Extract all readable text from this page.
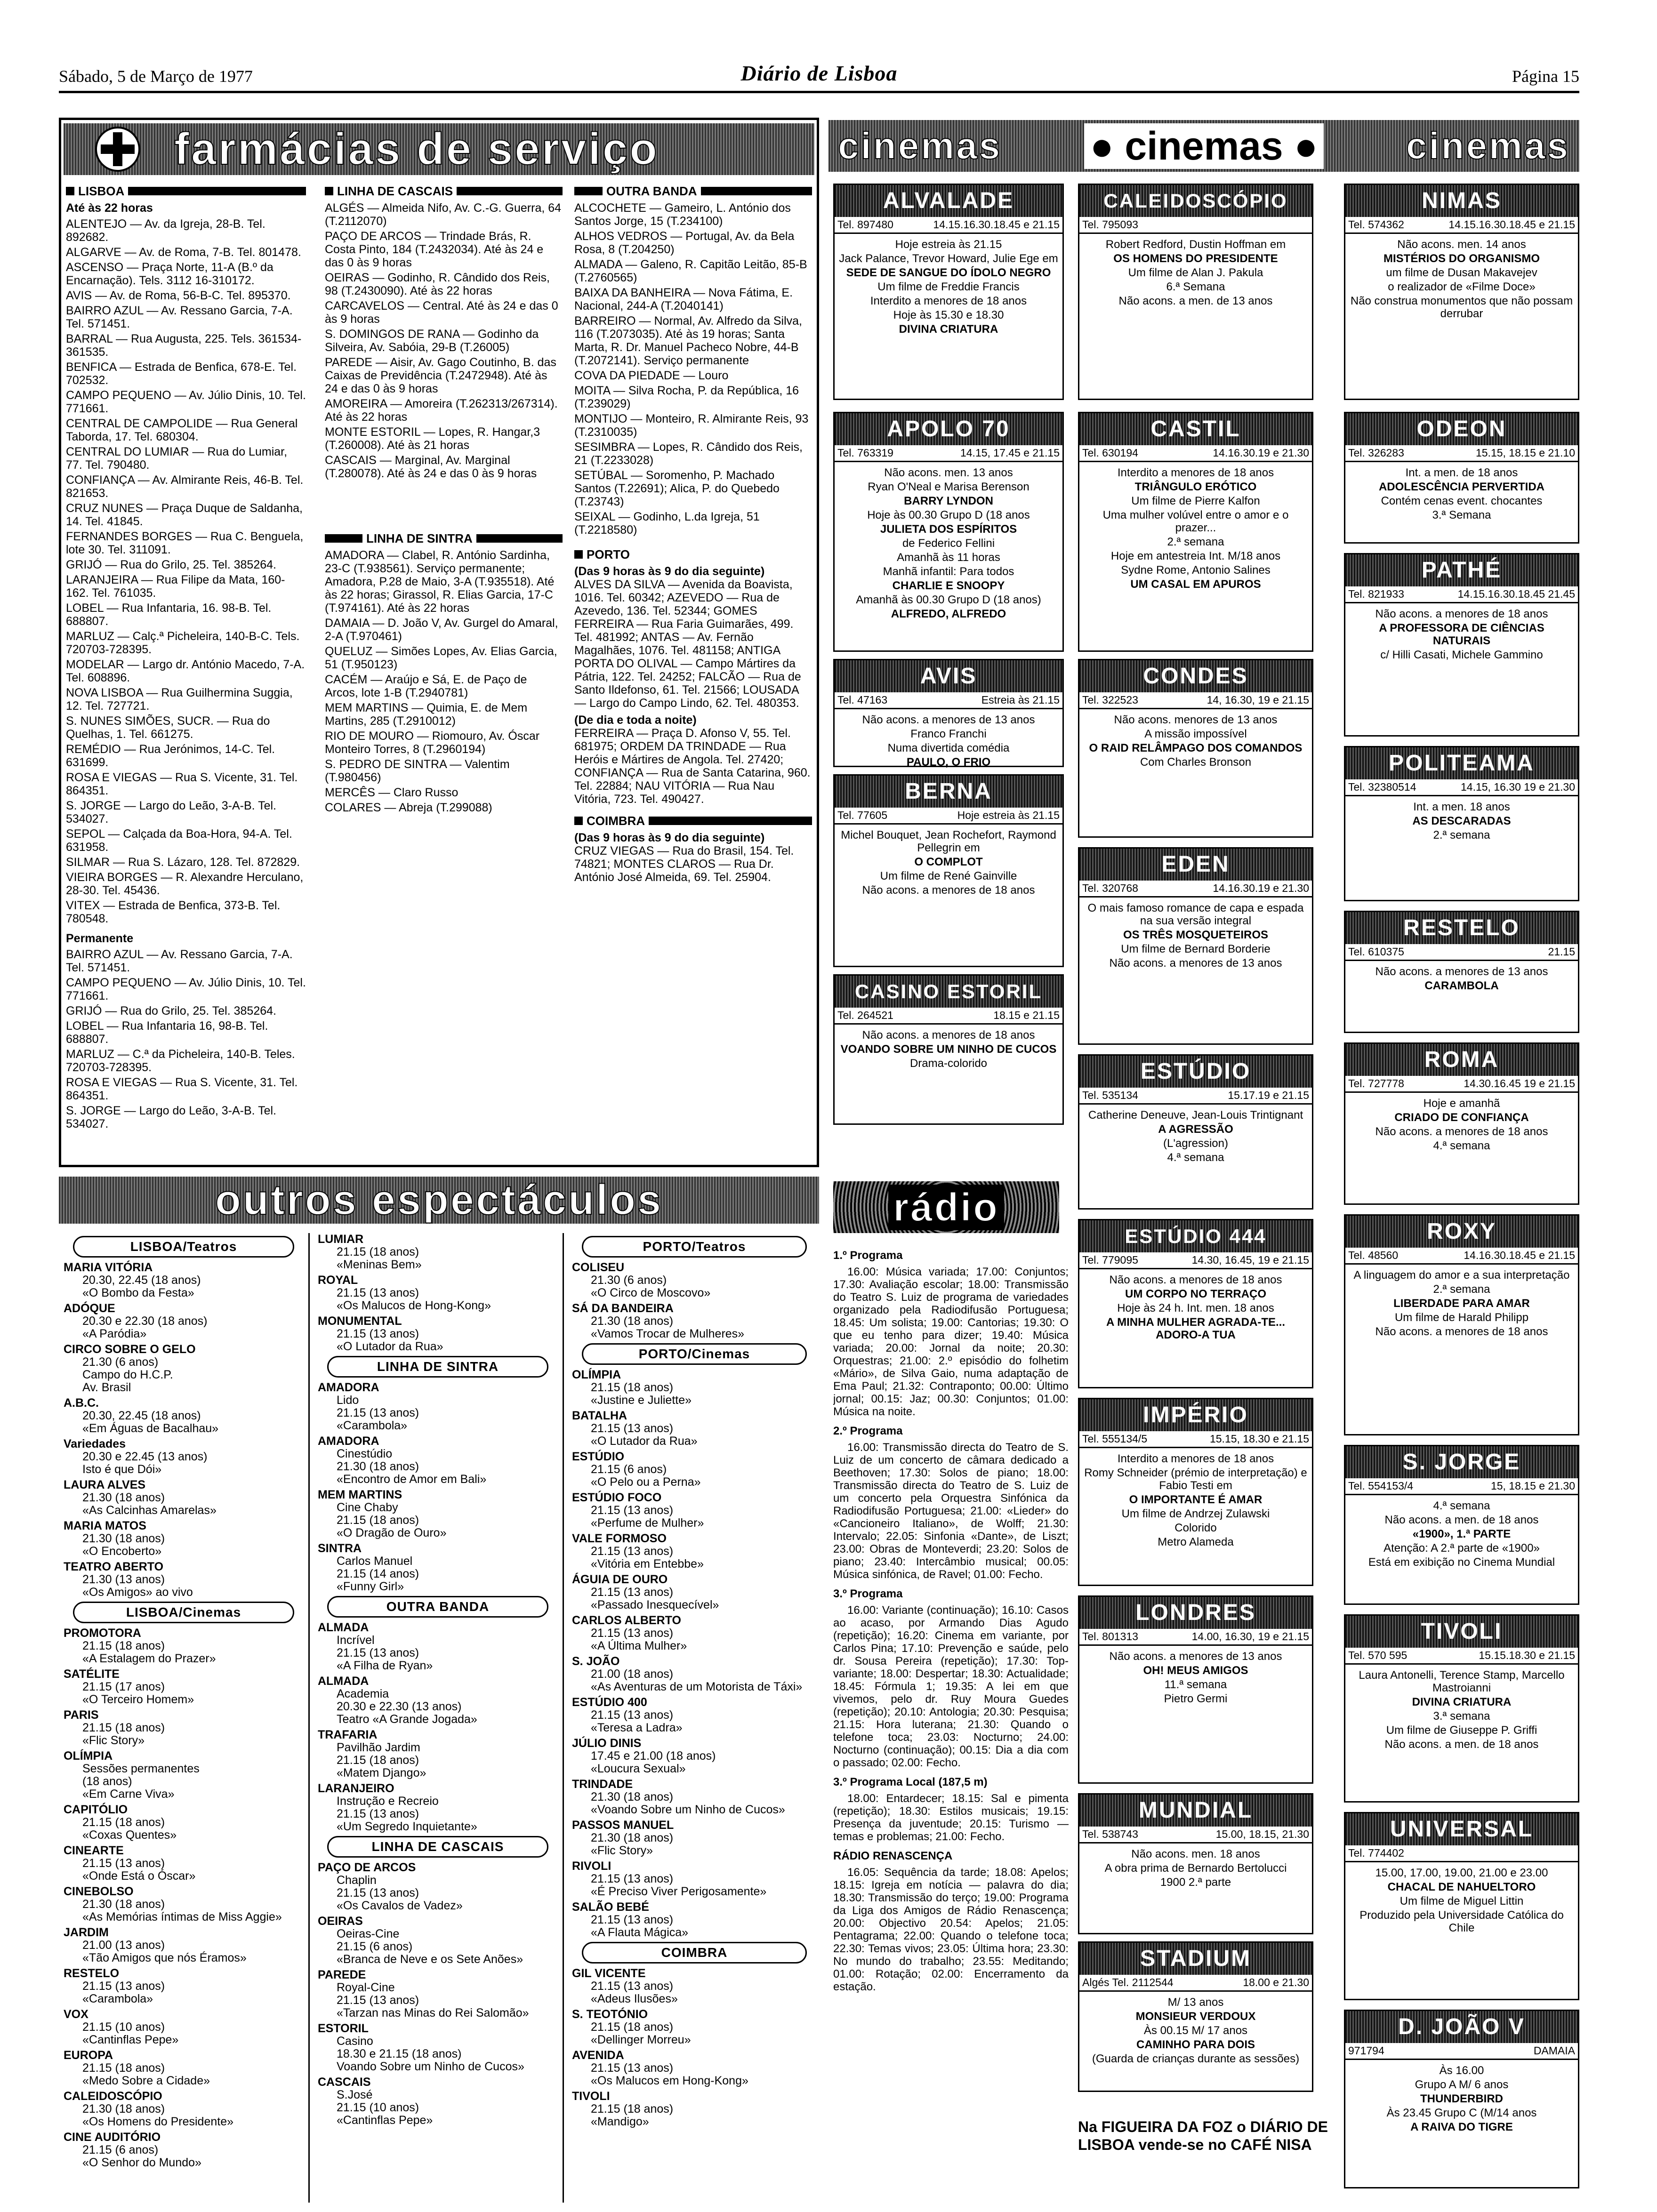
Sábado, 5 de Março de 1977	Diário de Lisboa	Página 15
farmácias de serviço
LISBOA
Até às 22 horas
ALENTEJO — Av. da Igreja, 28-B. Tel. 892682.
ALGARVE — Av. de Roma, 7-B. Tel. 801478.
ASCENSO — Praça Norte, 11-A (B.º da Encarnação). Tels. 3112 16-310172.
AVIS — Av. de Roma, 56-B-C. Tel. 895370.
BAIRRO AZUL — Av. Ressano Garcia, 7-A. Tel. 571451.
BARRAL — Rua Augusta, 225. Tels. 361534-361535.
BENFICA — Estrada de Benfica, 678-E. Tel. 702532.
CAMPO PEQUENO — Av. Júlio Dinis, 10. Tel. 771661.
CENTRAL DE CAMPOLIDE — Rua General Taborda, 17. Tel. 680304.
CENTRAL DO LUMIAR — Rua do Lumiar, 77. Tel. 790480.
CONFIANÇA — Av. Almirante Reis, 46-B. Tel. 821653.
CRUZ NUNES — Praça Duque de Saldanha, 14. Tel. 41845.
FERNANDES BORGES — Rua C. Benguela, lote 30. Tel. 311091.
GRIJÓ — Rua do Grilo, 25. Tel. 385264.
LARANJEIRA — Rua Filipe da Mata, 160-162. Tel. 761035.
LOBEL — Rua Infantaria, 16. 98-B. Tel. 688807.
MARLUZ — Calç.ª Picheleira, 140-B-C. Tels. 720703-728395.
MODELAR — Largo dr. António Macedo, 7-A. Tel. 608896.
NOVA LISBOA — Rua Guilhermina Suggia, 12. Tel. 727721.
S. NUNES SIMÕES, SUCR. — Rua do Quelhas, 1. Tel. 661275.
REMÉDIO — Rua Jerónimos, 14-C. Tel. 631699.
ROSA E VIEGAS — Rua S. Vicente, 31. Tel. 864351.
S. JORGE — Largo do Leão, 3-A-B. Tel. 534027.
SEPOL — Calçada da Boa-Hora, 94-A. Tel. 631958.
SILMAR — Rua S. Lázaro, 128. Tel. 872829.
VIEIRA BORGES — R. Alexandre Herculano, 28-30. Tel. 45436.
VITEX — Estrada de Benfica, 373-B. Tel. 780548.
Permanente
BAIRRO AZUL — Av. Ressano Garcia, 7-A. Tel. 571451.
CAMPO PEQUENO — Av. Júlio Dinis, 10. Tel. 771661.
GRIJÓ — Rua do Grilo, 25. Tel. 385264.
LOBEL — Rua Infantaria 16, 98-B. Tel. 688807.
MARLUZ — C.ª da Picheleira, 140-B. Teles. 720703-728395.
ROSA E VIEGAS — Rua S. Vicente, 31. Tel. 864351.
S. JORGE — Largo do Leão, 3-A-B. Tel. 534027.
LINHA DE CASCAIS
ALGÉS — Almeida Nifo, Av. C.-G. Guerra, 64 (T.2112070)
PAÇO DE ARCOS — Trindade Brás, R. Costa Pinto, 184 (T.2432034). Até às 24 e das 0 às 9 horas
OEIRAS — Godinho, R. Cândido dos Reis, 98 (T.2430090). Até às 22 horas
CARCAVELOS — Central. Até às 24 e das 0 às 9 horas
S. DOMINGOS DE RANA — Godinho da Silveira, Av. Sabóia, 29-B (T.26005)
PAREDE — Aisir, Av. Gago Coutinho, B. das Caixas de Previdência (T.2472948). Até às 24 e das 0 às 9 horas
AMOREIRA — Amoreira (T.262313/267314). Até às 22 horas
MONTE ESTORIL — Lopes, R. Hangar,3 (T.260008). Até às 21 horas
CASCAIS — Marginal, Av. Marginal (T.280078). Até às 24 e das 0 às 9 horas
LINHA DE SINTRA
AMADORA — Clabel, R. António Sardinha, 23-C (T.938561). Serviço permanente; Amadora, P.28 de Maio, 3-A (T.935518). Até às 22 horas; Girassol, R. Elias Garcia, 17-C (T.974161). Até às 22 horas
DAMAIA — D. João V, Av. Gurgel do Amaral, 2-A (T.970461)
QUELUZ — Simões Lopes, Av. Elias Garcia, 51 (T.950123)
CACÉM — Araújo e Sá, E. de Paço de Arcos, lote 1-B (T.2940781)
MEM MARTINS — Quimia, E. de Mem Martins, 285 (T.2910012)
RIO DE MOURO — Riomouro, Av. Óscar Monteiro Torres, 8 (T.2960194)
S. PEDRO DE SINTRA — Valentim (T.980456)
MERCÊS — Claro Russo
COLARES — Abreja (T.299088)
OUTRA BANDA
ALCOCHETE — Gameiro, L. António dos Santos Jorge, 15 (T.234100)
ALHOS VEDROS — Portugal, Av. da Bela Rosa, 8 (T.204250)
ALMADA — Galeno, R. Capitão Leitão, 85-B (T.2760565)
BAIXA DA BANHEIRA — Nova Fátima, E. Nacional, 244-A (T.2040141)
BARREIRO — Normal, Av. Alfredo da Silva, 116 (T.2073035). Até às 19 horas; Santa Marta, R. Dr. Manuel Pacheco Nobre, 44-B (T.2072141). Serviço permanente
COVA DA PIEDADE — Louro
MOITA — Silva Rocha, P. da República, 16 (T.239029)
MONTIJO — Monteiro, R. Almirante Reis, 93 (T.2310035)
SESIMBRA — Lopes, R. Cândido dos Reis, 21 (T.2233028)
SETÚBAL — Soromenho, P. Machado Santos (T.22691); Alica, P. do Quebedo (T.23743)
SEIXAL — Godinho, L.da Igreja, 51 (T.2218580)
PORTO
(Das 9 horas às 9 do dia seguinte)
ALVES DA SILVA — Avenida da Boavista, 1016. Tel. 60342; AZEVEDO — Rua de Azevedo, 136. Tel. 52344; GOMES FERREIRA — Rua Faria Guimarães, 499. Tel. 481992; ANTAS — Av. Fernão Magalhães, 1076. Tel. 481158; ANTIGA PORTA DO OLIVAL — Campo Mártires da Pátria, 122. Tel. 24252; FALCÃO — Rua de Santo Ildefonso, 61. Tel. 21566; LOUSADA — Largo do Campo Lindo, 62. Tel. 480353.
(De dia e toda a noite)
FERREIRA — Praça D. Afonso V, 55. Tel. 681975; ORDEM DA TRINDADE — Rua Heróis e Mártires de Angola. Tel. 27420; CONFIANÇA — Rua de Santa Catarina, 960. Tel. 22884; NAU VITÓRIA — Rua Nau Vitória, 723. Tel. 490427.
COIMBRA
(Das 9 horas às 9 do dia seguinte)
CRUZ VIEGAS — Rua do Brasil, 154. Tel. 74821; MONTES CLAROS — Rua Dr. António José Almeida, 69. Tel. 25904.
outros espectáculos
LISBOA/Teatros
MARIA VITÓRIA
20.30, 22.45 (18 anos)
«O Bombo da Festa»
ADÓQUE
20.30 e 22.30 (18 anos)
«A Paródia»
CIRCO SOBRE O GELO
21.30 (6 anos)
Campo do H.C.P.
Av. Brasil
A.B.C.
20.30, 22.45 (18 anos)
«Em Águas de Bacalhau»
Variedades
20.30 e 22.45 (13 anos)
Isto é que Dói»
LAURA ALVES
21.30 (18 anos)
«As Calcinhas Amarelas»
MARIA MATOS
21.30 (18 anos)
«O Encoberto»
TEATRO ABERTO
21.30 (13 anos)
«Os Amigos» ao vivo
LISBOA/Cinemas
PROMOTORA
21.15 (18 anos)
«A Estalagem do Prazer»
SATÉLITE
21.15 (17 anos)
«O Terceiro Homem»
PARIS
21.15 (18 anos)
«Flic Story»
OLÍMPIA
Sessões permanentes
(18 anos)
«Em Carne Viva»
CAPITÓLIO
21.15 (18 anos)
«Coxas Quentes»
CINEARTE
21.15 (13 anos)
«Onde Está o Óscar»
CINEBOLSO
21.30 (18 anos)
«As Memórias íntimas de Miss Aggie»
JARDIM
21.00 (13 anos)
«Tão Amigos que nós Éramos»
RESTELO
21.15 (13 anos)
«Carambola»
VOX
21.15 (10 anos)
«Cantinflas Pepe»
EUROPA
21.15 (18 anos)
«Medo Sobre a Cidade»
CALEIDOSCÓPIO
21.30 (18 anos)
«Os Homens do Presidente»
CINE AUDITÓRIO
21.15 (6 anos)
«O Senhor do Mundo»
LUMIAR
21.15 (18 anos)
«Meninas Bem»
ROYAL
21.15 (13 anos)
«Os Malucos de Hong-Kong»
MONUMENTAL
21.15 (13 anos)
«O Lutador da Rua»
LINHA DE SINTRA
AMADORA
Lido
21.15 (13 anos)
«Carambola»
AMADORA
Cinestúdio
21.30 (18 anos)
«Encontro de Amor em Bali»
MEM MARTINS
Cine Chaby
21.15 (18 anos)
«O Dragão de Ouro»
SINTRA
Carlos Manuel
21.15 (14 anos)
«Funny Girl»
OUTRA BANDA
ALMADA
Incrível
21.15 (13 anos)
«A Filha de Ryan»
ALMADA
Academia
20.30 e 22.30 (13 anos)
Teatro «A Grande Jogada»
TRAFARIA
Pavilhão Jardim
21.15 (18 anos)
«Matem Django»
LARANJEIRO
Instrução e Recreio
21.15 (13 anos)
«Um Segredo Inquietante»
LINHA DE CASCAIS
PAÇO DE ARCOS
Chaplin
21.15 (13 anos)
«Os Cavalos de Vadez»
OEIRAS
Oeiras-Cine
21.15 (6 anos)
«Branca de Neve e os Sete Anões»
PAREDE
Royal-Cine
21.15 (13 anos)
«Tarzan nas Minas do Rei Salomão»
ESTORIL
Casino
18.30 e 21.15 (18 anos)
Voando Sobre um Ninho de Cucos»
CASCAIS
S.José
21.15 (10 anos)
«Cantinflas Pepe»
PORTO/Teatros
COLISEU
21.30 (6 anos)
«O Circo de Moscovo»
SÁ DA BANDEIRA
21.30 (18 anos)
«Vamos Trocar de Mulheres»
PORTO/Cinemas
OLÍMPIA
21.15 (18 anos)
«Justine e Juliette»
BATALHA
21.15 (13 anos)
«O Lutador da Rua»
ESTÚDIO
21.15 (6 anos)
«O Pelo ou a Perna»
ESTÚDIO FOCO
21.15 (13 anos)
«Perfume de Mulher»
VALE FORMOSO
21.15 (13 anos)
«Vitória em Entebbe»
ÁGUIA DE OURO
21.15 (13 anos)
«Passado Inesquecível»
CARLOS ALBERTO
21.15 (13 anos)
«A Última Mulher»
S. JOÃO
21.00 (18 anos)
«As Aventuras de um Motorista de Táxi»
ESTÚDIO 400
21.15 (13 anos)
«Teresa a Ladra»
JÚLIO DINIS
17.45 e 21.00 (18 anos)
«Loucura Sexual»
TRINDADE
21.30 (18 anos)
«Voando Sobre um Ninho de Cucos»
PASSOS MANUEL
21.30 (18 anos)
«Flic Story»
RIVOLI
21.15 (13 anos)
«É Preciso Viver Perigosamente»
SALÃO BEBÉ
21.15 (13 anos)
«A Flauta Mágica»
COIMBRA
GIL VICENTE
21.15 (13 anos)
«Adeus Ilusões»
S. TEOTÓNIO
21.15 (18 anos)
«Dellinger Morreu»
AVENIDA
21.15 (13 anos)
«Os Malucos em Hong-Kong»
TIVOLI
21.15 (18 anos)
«Mandigo»
cinemas ● cinemas ● cinemas
ALVALADE
Tel. 897480	14.15.16.30.18.45 e 21.15
Hoje estreia às 21.15
Jack Palance, Trevor Howard, Julie Ege em
SEDE DE SANGUE DO ÍDOLO NEGRO
Um filme de Freddie Francis
Interdito a menores de 18 anos
Hoje às 15.30 e 18.30
DIVINA CRIATURA
APOLO 70
Tel. 763319	14.15, 17.45 e 21.15
Não acons. men. 13 anos
Ryan O'Neal e Marisa Berenson
BARRY LYNDON
Hoje às 00.30 Grupo D (18 anos
JULIETA DOS ESPÍRITOS
de Federico Fellini
Amanhã às 11 horas
Manhã infantil: Para todos
CHARLIE E SNOOPY
Amanhã às 00.30 Grupo D (18 anos)
ALFREDO, ALFREDO
AVIS
Tel. 47163	Estreia às 21.15
Não acons. a menores de 13 anos
Franco Franchi
Numa divertida comédia
PAULO, O FRIO
BERNA
Tel. 77605	Hoje estreia às 21.15
Michel Bouquet, Jean Rochefort, Raymond Pellegrin em
O COMPLOT
Um filme de René Gainville
Não acons. a menores de 18 anos
CASINO ESTORIL
Tel. 264521	18.15 e 21.15
Não acons. a menores de 18 anos
VOANDO SOBRE UM NINHO DE CUCOS
Drama-colorido
CALEIDOSCÓPIO
Tel. 795093
Robert Redford, Dustin Hoffman em
OS HOMENS DO PRESIDENTE
Um filme de Alan J. Pakula
6.ª Semana
Não acons. a men. de 13 anos
CASTIL
Tel. 630194	14.16.30.19 e 21.30
Interdito a menores de 18 anos
TRIÂNGULO ERÓTICO
Um filme de Pierre Kalfon
Uma mulher volúvel entre o amor e o prazer...
2.ª semana
Hoje em antestreia Int. M/18 anos
Sydne Rome, Antonio Salines
UM CASAL EM APUROS
CONDES
Tel. 322523	14, 16.30, 19 e 21.15
Não acons. menores de 13 anos
A missão impossível
O RAID RELÂMPAGO DOS COMANDOS
Com Charles Bronson
EDEN
Tel. 320768	14.16.30.19 e 21.30
O mais famoso romance de capa e espada na sua versão integral
OS TRÊS MOSQUETEIROS
Um filme de Bernard Borderie
Não acons. a menores de 13 anos
ESTÚDIO
Tel. 535134	15.17.19 e 21.15
Catherine Deneuve, Jean-Louis Trintignant
A AGRESSÃO
(L'agression)
4.ª semana
ESTÚDIO 444
Tel. 779095	14.30, 16.45, 19 e 21.15
Não acons. a menores de 18 anos
UM CORPO NO TERRAÇO
Hoje às 24 h. Int. men. 18 anos
A MINHA MULHER AGRADA-TE... ADORO-A TUA
IMPÉRIO
Tel. 555134/5	15.15, 18.30 e 21.15
Interdito a menores de 18 anos
Romy Schneider (prémio de interpretação) e Fabio Testi em
O IMPORTANTE É AMAR
Um filme de Andrzej Zulawski
Colorido
Metro Alameda
LONDRES
Tel. 801313	14.00, 16.30, 19 e 21.15
Não acons. a menores de 13 anos
OH! MEUS AMIGOS
11.ª semana
Pietro Germi
MUNDIAL
Tel. 538743	15.00, 18.15, 21.30
Não acons. men. 18 anos
A obra prima de Bernardo Bertolucci
1900 2.ª parte
STADIUM
Algés Tel. 2112544	18.00 e 21.30
M/ 13 anos
MONSIEUR VERDOUX
Às 00.15 M/ 17 anos
CAMINHO PARA DOIS
(Guarda de crianças durante as sessões)
NIMAS
Tel. 574362	14.15.16.30.18.45 e 21.15
Não acons. men. 14 anos
MISTÉRIOS DO ORGANISMO
um filme de Dusan Makavejev
o realizador de «Filme Doce»
Não construa monumentos que não possam derrubar
ODEON
Tel. 326283	15.15, 18.15 e 21.10
Int. a men. de 18 anos
ADOLESCÊNCIA PERVERTIDA
Contém cenas event. chocantes
3.ª Semana
PATHÉ
Tel. 821933	14.15.16.30.18.45 21.45
Não acons. a menores de 18 anos
A PROFESSORA DE CIÊNCIAS NATURAIS
c/ Hilli Casati, Michele Gammino
POLITEAMA
Tel. 32380514	14.15, 16.30 19 e 21.30
Int. a men. 18 anos
AS DESCARADAS
2.ª semana
RESTELO
Tel. 610375	21.15
Não acons. a menores de 13 anos
CARAMBOLA
ROMA
Tel. 727778	14.30.16.45 19 e 21.15
Hoje e amanhã
CRIADO DE CONFIANÇA
Não acons. a menores de 18 anos
4.ª semana
ROXY
Tel. 48560	14.16.30.18.45 e 21.15
A linguagem do amor e a sua interpretação
2.ª semana
LIBERDADE PARA AMAR
Um filme de Harald Philipp
Não acons. a menores de 18 anos
S. JORGE
Tel. 554153/4	15, 18.15 e 21.30
4.ª semana
Não acons. a men. de 18 anos
«1900», 1.ª PARTE
Atenção: A 2.ª parte de «1900»
Está em exibição no Cinema Mundial
TIVOLI
Tel. 570 595	15.15.18.30 e 21.15
Laura Antonelli, Terence Stamp, Marcello Mastroianni
DIVINA CRIATURA
3.ª semana
Um filme de Giuseppe P. Griffi
Não acons. a men. de 18 anos
UNIVERSAL
Tel. 774402
15.00, 17.00, 19.00, 21.00 e 23.00
CHACAL DE NAHUELTORO
Um filme de Miguel Littin
Produzido pela Universidade Católica do Chile
D. JOÃO V
971794	DAMAIA
Às 16.00
Grupo A M/ 6 anos
THUNDERBIRD
Às 23.45 Grupo C (M/14 anos
A RAIVA DO TIGRE
Na FIGUEIRA DA FOZ o DIÁRIO DE LISBOA vende-se no CAFÉ NISA
rádio
1.º Programa

16.00: Música variada; 17.00: Conjuntos; 17.30: Avaliação escolar; 18.00: Transmissão do Teatro S. Luiz de programa de variedades organizado pela Radiodifusão Portuguesa; 18.45: Um solista; 19.00: Cantorias; 19.30: O que eu tenho para dizer; 19.40: Música variada; 20.00: Jornal da noite; 20.30: Orquestras; 21.00: 2.º episódio do folhetim «Mário», de Silva Gaio, numa adaptação de Ema Paul; 21.32: Contraponto; 00.00: Último jornal; 00.15: Jaz; 00.30: Conjuntos; 01.00: Música na noite.

2.º Programa

16.00: Transmissão directa do Teatro de S. Luiz de um concerto de câmara dedicado a Beethoven; 17.30: Solos de piano; 18.00: Transmissão directa do Teatro de S. Luiz de um concerto pela Orquestra Sinfónica da Radiodifusão Portuguesa; 21.00: «Lieder» do «Cancioneiro Italiano», de Wolff; 21.30: Intervalo; 22.05: Sinfonia «Dante», de Liszt; 23.00: Obras de Monteverdi; 23.20: Solos de piano; 23.40: Intercâmbio musical; 00.05: Música sinfónica, de Ravel; 01.00: Fecho.

3.º Programa

16.00: Variante (continuação); 16.10: Casos ao acaso, por Armando Dias Agudo (repetição); 16.20: Cinema em variante, por Carlos Pina; 17.10: Prevenção e saúde, pelo dr. Sousa Pereira (repetição); 17.30: Top-variante; 18.00: Despertar; 18.30: Actualidade; 18.45: Fórmula 1; 19.35: A lei em que vivemos, pelo dr. Ruy Moura Guedes (repetição); 20.10: Antologia; 20.30: Pesquisa; 21.15: Hora luterana; 21.30: Quando o telefone toca; 23.03: Nocturno; 24.00: Nocturno (continuação); 00.15: Dia a dia com o passado; 02.00: Fecho.

3.º Programa Local (187,5 m)

18.00: Entardecer; 18.15: Sal e pimenta (repetição); 18.30: Estilos musicais; 19.15: Presença da juventude; 20.15: Turismo — temas e problemas; 21.00: Fecho.

RÁDIO RENASCENÇA

16.05: Sequência da tarde; 18.08: Apelos; 18.15: Igreja em notícia — palavra do dia; 18.30: Transmissão do terço; 19.00: Programa da Liga dos Amigos de Rádio Renascença; 20.00: Objectivo 20.54: Apelos; 21.05: Pentagrama; 22.00: Quando o telefone toca; 22.30: Temas vivos; 23.05: Última hora; 23.30: No mundo do trabalho; 23.55: Meditando; 01.00: Rotação; 02.00: Encerramento da estação.
